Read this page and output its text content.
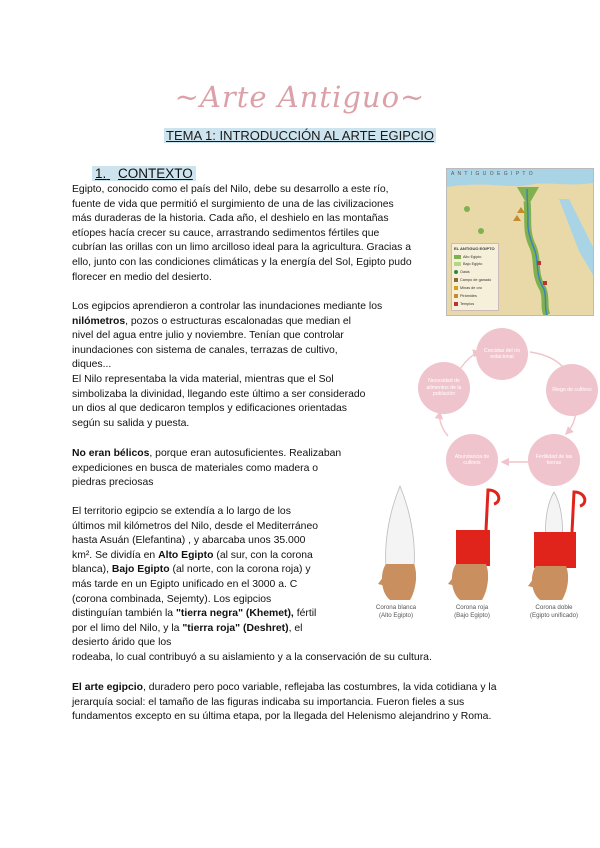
~Arte Antiguo~
TEMA 1: INTRODUCCIÓN AL ARTE EGIPCIO
1. CONTEXTO

Egipto, conocido como el país del Nilo, debe su desarrollo a este río,

fuente de vida que permitió el surgimiento de una de las civilizaciones

más duraderas de la historia. Cada año, el deshielo en las montañas

etíopes hacía crecer su cauce, arrastrando sedimentos fértiles que

cubrían las orillas con un limo arcilloso ideal para la agricultura. Gracias a

ello, junto con las condiciones climáticas y la energía del Sol, Egipto pudo

florecer en medio del desierto.

Los egipcios aprendieron a controlar las inundaciones mediante los

nilómetros, pozos o estructuras escalonadas que median el

nivel del agua entre julio y noviembre. Tenían que controlar

inundaciones con sistema de canales, terrazas de cultivo,

diques...

El Nilo representaba la vida material, mientras que el Sol

simbolizaba la divinidad, llegando este último a ser considerado

un dios al que dedicaron templos y edificaciones orientadas

según su salida y puesta.

No eran bélicos, porque eran autosuficientes. Realizaban

expediciones en busca de materiales como madera o

piedras preciosas

El territorio egipcio se extendía a lo largo de los

últimos mil kilómetros del Nilo, desde el Mediterráneo

hasta Asuán (Elefantina) , y abarcaba unos 35.000

km². Se dividía en Alto Egipto (al sur, con la corona

blanca), Bajo Egipto (al norte, con la corona roja) y

más tarde en un Egipto unificado en el 3000 a. C

(corona combinada, Sejemty). Los egipcios

distinguían también la "tierra negra" (Khemet), fértil

por el limo del Nilo, y la "tierra roja" (Deshret), el

desierto árido que los

rodeaba, lo cual contribuyó a su aislamiento y a la conservación de su cultura.

El arte egipcio, duradero pero poco variable, reflejaba las costumbres, la vida cotidiana y la

jerarquía social: el tamaño de las figuras indicaba su importancia. Fueron fieles a sus

fundamentos excepto en su última etapa, por la llegada del Helenismo alejandrino y Roma.

A N T I G U O E G I P T O
EL ANTIGUO EGIPTO
Alto Egipto
Bajo Egipto
Oasis
Campo de ganado
Minas de oro
Pirámides
Templos
Crecidas del río estacional
Riego de cultivos
Fertilidad de las tierras
Abundancia de cultivos
Necesidad de alimentos de la población
Corona blanca
(Alto Egipto)
Corona roja
(Bajo Egipto)
Corona doble
(Egipto unificado)
